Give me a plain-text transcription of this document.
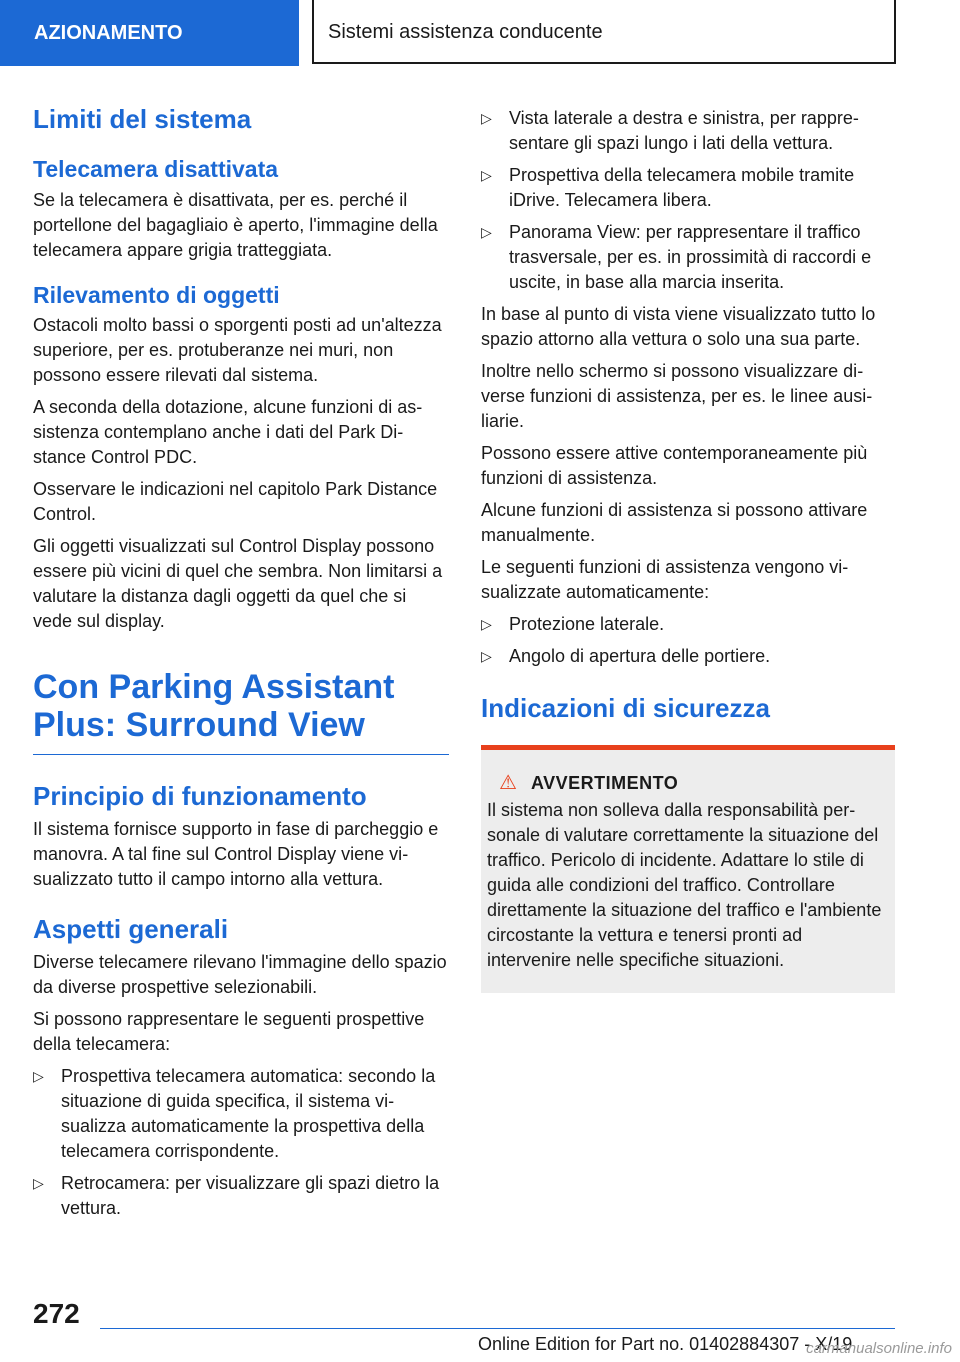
AZIONAMENTO	Sistemi assistenza conducente
Limiti del sistema
Telecamera disattivata

Se la telecamera è disattivata, per es. perché il portellone del bagagliaio è aperto, l'immagine della telecamera appare grigia tratteggiata.

Rilevamento di oggetti

Ostacoli molto bassi o sporgenti posti ad un'altezza superiore, per es. protuberanze nei muri, non possono essere rilevati dal sistema.

A seconda della dotazione, alcune funzioni di assistenza contemplano anche i dati del Park Distance Control PDC.

Osservare le indicazioni nel capitolo Park Distance Control.

Gli oggetti visualizzati sul Control Display possono essere più vicini di quel che sembra. Non limitarsi a valutare la distanza dagli oggetti da quel che si vede sul display.

Con Parking Assistant
Plus: Surround View
Principio di funzionamento

Il sistema fornisce supporto in fase di parcheggio e manovra. A tal fine sul Control Display viene visualizzato tutto il campo intorno alla vettura.

Aspetti generali

Diverse telecamere rilevano l'immagine dello spazio da diverse prospettive selezionabili.

Si possono rappresentare le seguenti prospettive della telecamera:

▷ Prospettiva telecamera automatica: secondo la situazione di guida specifica, il sistema visualizza automaticamente la prospettiva della telecamera corrispondente.
▷ Retrocamera: per visualizzare gli spazi dietro la vettura.
▷ Vista laterale a destra e sinistra, per rappresentare gli spazi lungo i lati della vettura.
▷ Prospettiva della telecamera mobile tramite iDrive. Telecamera libera.
▷ Panorama View: per rappresentare il traffico trasversale, per es. in prossimità di raccordi e uscite, in base alla marcia inserita.

In base al punto di vista viene visualizzato tutto lo spazio attorno alla vettura o solo una sua parte.

Inoltre nello schermo si possono visualizzare diverse funzioni di assistenza, per es. le linee ausiliarie.

Possono essere attive contemporaneamente più funzioni di assistenza.

Alcune funzioni di assistenza si possono attivare manualmente.

Le seguenti funzioni di assistenza vengono visualizzate automaticamente:

▷ Protezione laterale.
▷ Angolo di apertura delle portiere.
Indicazioni di sicurezza
⚠ AVVERTIMENTO

Il sistema non solleva dalla responsabilità personale di valutare correttamente la situazione del traffico. Pericolo di incidente. Adattare lo stile di guida alle condizioni del traffico. Controllare direttamente la situazione del traffico e l'ambiente circostante la vettura e tenersi pronti ad intervenire nelle specifiche situazioni.

272
Online Edition for Part no. 01402884307 - X/19
carmanualsonline.info
